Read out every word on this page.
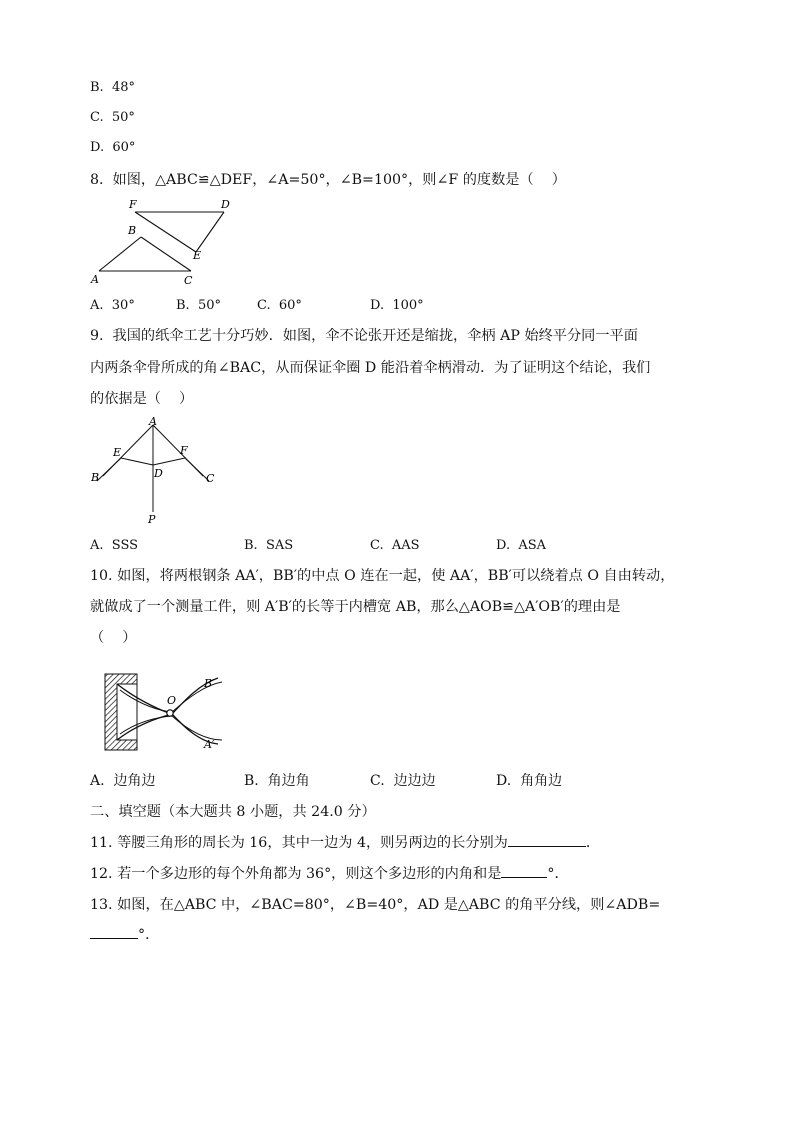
B.  48°
C.  50°
D.  60°
8.  如图，△ABC≌△DEF，∠A=50°，∠B=100°，则∠F 的度数是（    ）
F	D
B
E
A	C
A.  30°	B.  50°	C.  60°	D.  100°
9.  我国的纸伞工艺十分巧妙．如图，伞不论张开还是缩拢，伞柄 AP 始终平分同一平面
内两条伞骨所成的角∠BAC，从而保证伞圈 D 能沿着伞柄滑动．为了证明这个结论，我们
的依据是（    ）
A
E	F
B	D	C
P
A.  SSS	B.  SAS	C.  AAS	D.  ASA
10. 如图，将两根钢条 AA′，BB′的中点 O 连在一起，使 AA′，BB′可以绕着点 O 自由转动，
就做成了一个测量工件，则 A′B′的长等于内槽宽 AB，那么△AOB≌△A′OB′的理由是
（    ）
O
B′
A′
A.  边角边	B.  角边角	C.  边边边	D.  角角边
二、填空题（本大题共 8 小题，共 24.0 分）
11. 等腰三角形的周长为 16，其中一边为 4，则另两边的长分别为	．
12. 若一个多边形的每个外角都为 36°，则这个多边形的内角和是	°．
13. 如图，在△ABC 中，∠BAC=80°，∠B=40°，AD 是△ABC 的角平分线，则∠ADB=
°．
